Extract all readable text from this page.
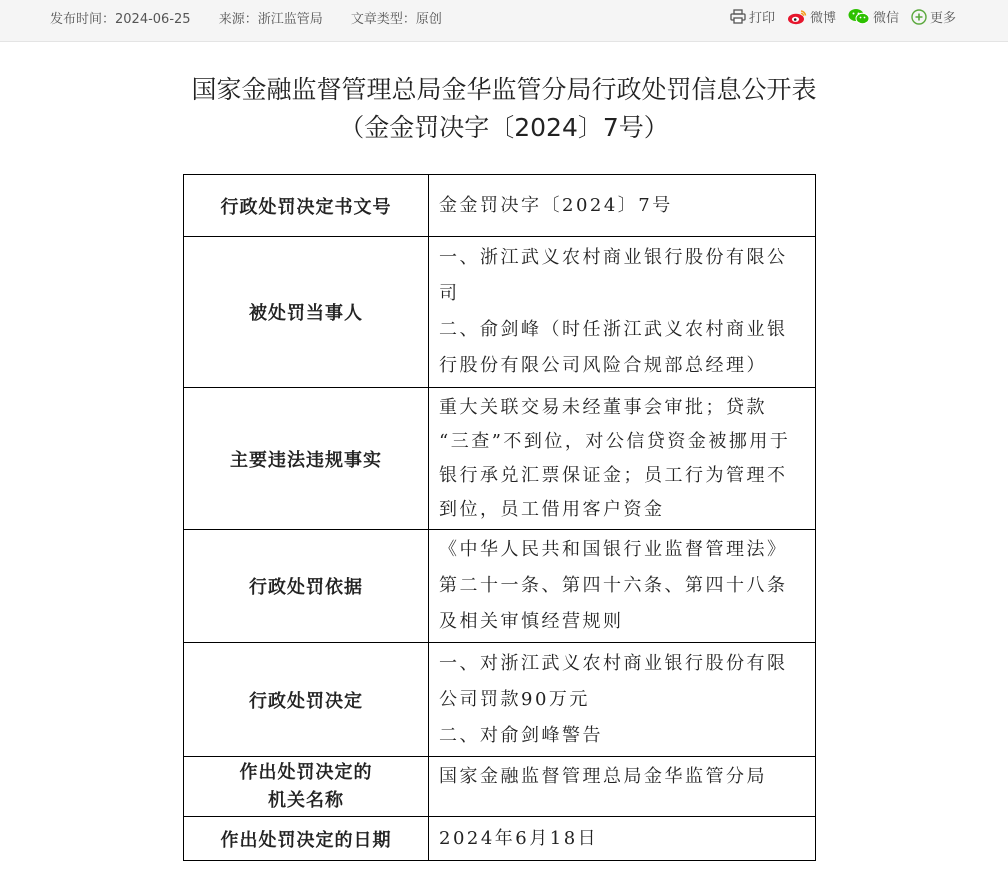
发布时间：2024-06-25 来源：浙江监管局 文章类型：原创	打印	微博	微信 更多
国家金融监督管理总局金华监管分局行政处罚信息公开表
（金金罚决字〔2024〕7号）
行政处罚决定书文号	金金罚决字〔2024〕7号

被处罚当事人	一、浙江武义农村商业银行股份有限公
司
二、俞剑峰（时任浙江武义农村商业银
行股份有限公司风险合规部总经理）

主要违法违规事实	重大关联交易未经董事会审批；贷款
“三查”不到位，对公信贷资金被挪用于
银行承兑汇票保证金；员工行为管理不
到位，员工借用客户资金

行政处罚依据	《中华人民共和国银行业监督管理法》
第二十一条、第四十六条、第四十八条
及相关审慎经营规则

行政处罚决定	一、对浙江武义农村商业银行股份有限
公司罚款90万元
二、对俞剑峰警告

作出处罚决定的
机关名称	国家金融监督管理总局金华监管分局

作出处罚决定的日期	2024年6月18日
